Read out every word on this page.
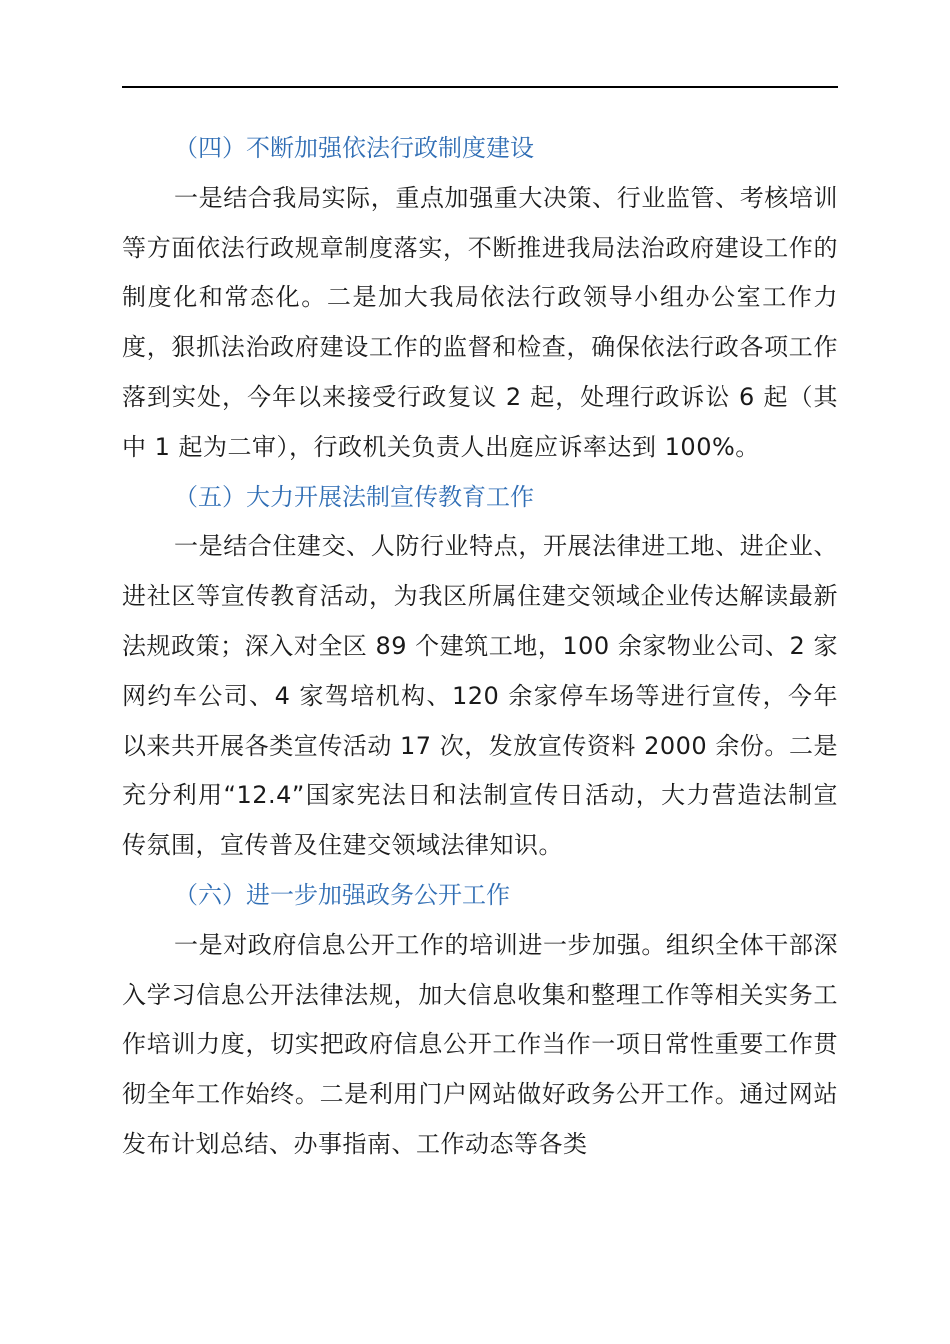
（四）不断加强依法行政制度建设

一是结合我局实际，重点加强重大决策、行业监管、考核培训等方面依法行政规章制度落实，不断推进我局法治政府建设工作的制度化和常态化。二是加大我局依法行政领导小组办公室工作力度，狠抓法治政府建设工作的监督和检查，确保依法行政各项工作落到实处，今年以来接受行政复议 2 起，处理行政诉讼 6 起（其中 1 起为二审），行政机关负责人出庭应诉率达到 100%。

（五）大力开展法制宣传教育工作

一是结合住建交、人防行业特点，开展法律进工地、进企业、进社区等宣传教育活动，为我区所属住建交领域企业传达解读最新法规政策；深入对全区 89 个建筑工地，100 余家物业公司、2 家网约车公司、4 家驾培机构、120 余家停车场等进行宣传，今年以来共开展各类宣传活动 17 次，发放宣传资料 2000 余份。二是充分利用“12.4”国家宪法日和法制宣传日活动，大力营造法制宣传氛围，宣传普及住建交领域法律知识。

（六）进一步加强政务公开工作

一是对政府信息公开工作的培训进一步加强。组织全体干部深入学习信息公开法律法规，加大信息收集和整理工作等相关实务工作培训力度，切实把政府信息公开工作当作一项日常性重要工作贯彻全年工作始终。二是利用门户网站做好政务公开工作。通过网站发布计划总结、办事指南、工作动态等各类
